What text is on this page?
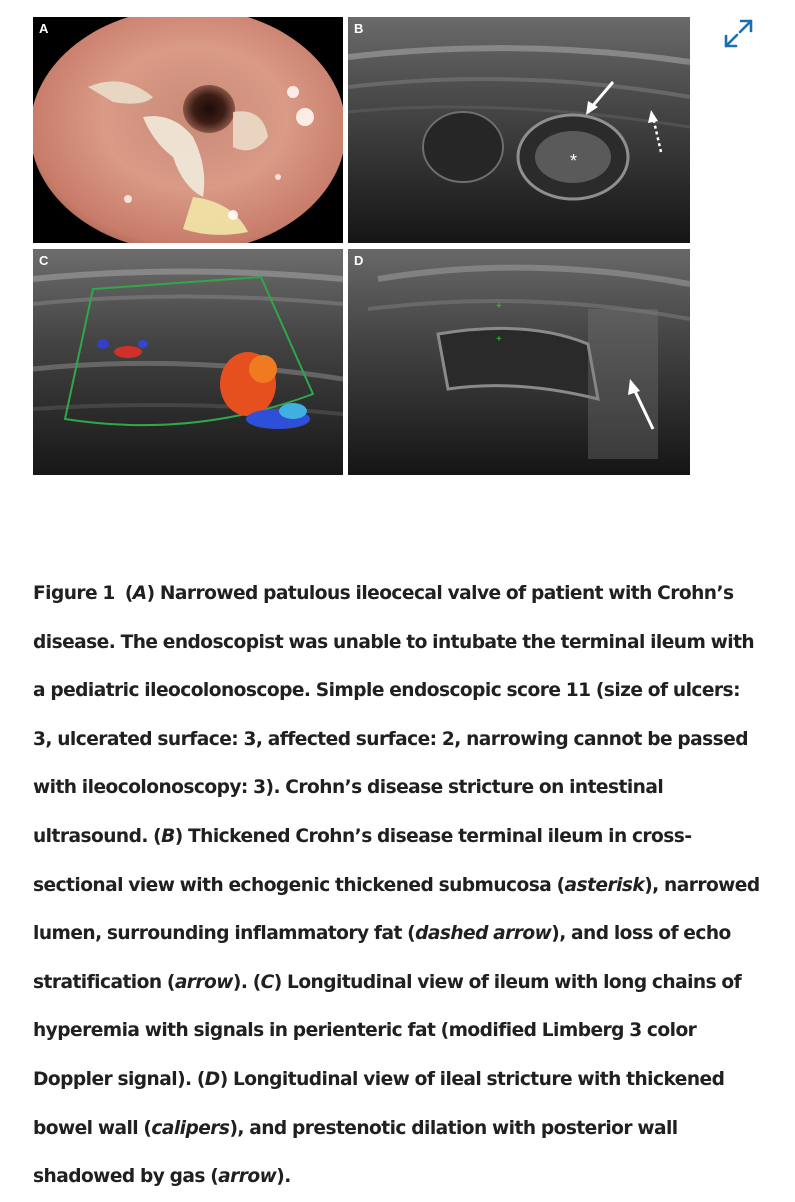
A	B
*
C	D
+
+
Figure 1 (A) Narrowed patulous ileocecal valve of patient with Crohn’s disease. The endoscopist was unable to intubate the terminal ileum with a pediatric ileocolonoscope. Simple endoscopic score 11 (size of ulcers: 3, ulcerated surface: 3, affected surface: 2, narrowing cannot be passed with ileocolonoscopy: 3). Crohn’s disease stricture on intestinal ultrasound. (B) Thickened Crohn’s disease terminal ileum in cross-sectional view with echogenic thickened submucosa (asterisk), narrowed lumen, surrounding inflammatory fat (dashed arrow), and loss of echo stratification (arrow). (C) Longitudinal view of ileum with long chains of hyperemia with signals in perienteric fat (modified Limberg 3 color Doppler signal). (D) Longitudinal view of ileal stricture with thickened bowel wall (calipers), and prestenotic dilation with posterior wall shadowed by gas (arrow).
